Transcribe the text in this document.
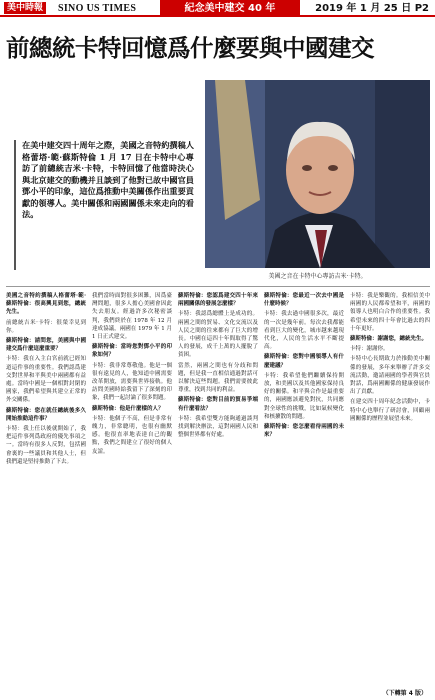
美中時報	SINO US TIMES	紀念美中建交 40 年	2019 年 1 月 25 日 P2
前總統卡特回憶爲什麼要與中國建交
在美中建交四十周年之際，美國之音特約撰稿人格蕾塔·範·蘇斯特倫 1 月 17 日在卡特中心專訪了前總統吉米·卡特，卡特回憶了他當時決心與北京建交的動機并且談到了他對已故中國官員鄧小平的印象，這位爲推動中美關係作出重要貢獻的領導人。美中關係和兩國關係未來走向的看法。
美國之音在卡特中心專訪吉米·卡特。

美國之音特約撰稿人格蕾塔·範·蘇斯特倫：很高興見到您，總統先生。

前總統吉米·卡特：很榮幸見到你。

蘇斯特倫：請問您，美國與中國建交爲什麼這麼重要？

卡特：我在入主白宮前就已經知道這件事的重要性。我們認爲建交對世界和平與美中兩國都有益處。當時中國是一個相對封閉的國家，我們希望與其建立正常的外交關係。

蘇斯特倫：您在就任總統後多久開始推動這件事？

卡特：我上任以後就開始了，我把這件事列爲政府的優先事項之一。當時有很多人反對，包括國會裏的一些議員和其他人士，但我們還是堅持推動了下去。

我們當時面對很多困難，因爲臺灣問題，很多人擔心美國會因此失去朋友。經過許多次秘密談判，我們終於在 1978 年 12 月達成協議，兩國在 1979 年 1 月 1 日正式建交。

蘇斯特倫：當時您對鄧小平的印象如何？

卡特：我非常尊敬他。他是一個很有遠見的人，他知道中國需要改革開放，需要與世界接軌。他訪問美國時給我留下了深刻的印象，我們一起討論了很多問題。

蘇斯特倫：他是什麼樣的人？

卡特：他個子不高，但是非常有魄力，非常聰明，也很有幽默感。他很直率地表達自己的觀點，我們之間建立了很好的個人友誼。

蘇斯特倫：您認爲建交四十年來兩國關係的發展怎麼樣？

卡特：我認爲總體上是成功的。兩國之間的貿易、文化交流以及人民之間的往來都有了巨大的增長。中國在這四十年間取得了驚人的發展，成千上萬的人擺脫了貧困。

當然，兩國之間也有分歧和問題，但是我一直相信通過對話可以解決這些問題。我們需要彼此尊重，找到共同的利益。

蘇斯特倫：您對目前的貿易爭端有什麼看法？

卡特：我希望雙方能夠通過談判找到解決辦法，這對兩國人民和整個世界都有好處。

蘇斯特倫：您最近一次去中國是什麼時候？

卡特：我去過中國很多次，最近的一次是幾年前。每次去我都能看到巨大的變化，城市越來越現代化，人民的生活水平不斷提高。

蘇斯特倫：您對中國領導人有什麼建議？

卡特：我希望他們繼續保持開放，和美國以及其他國家保持良好的關係。和平與合作是最重要的，兩國應該避免對抗，共同應對全球性的挑戰，比如氣候變化和核擴散的問題。

蘇斯特倫：您怎麼看待兩國的未來？

卡特：我是樂觀的。我相信美中兩國的人民都希望和平，兩國的領導人也明白合作的重要性。我希望未來的四十年會比過去的四十年更好。

蘇斯特倫：謝謝您，總統先生。

卡特：謝謝你。

卡特中心長期致力於推動美中關係的發展，多年來舉辦了許多交流活動，邀請兩國的學者與官員對話，爲兩國關係的健康發展作出了貢獻。

在建交四十周年紀念活動中，卡特中心也舉行了研討會，回顧兩國關係的歷程並展望未來。

（下轉第 4 版）
